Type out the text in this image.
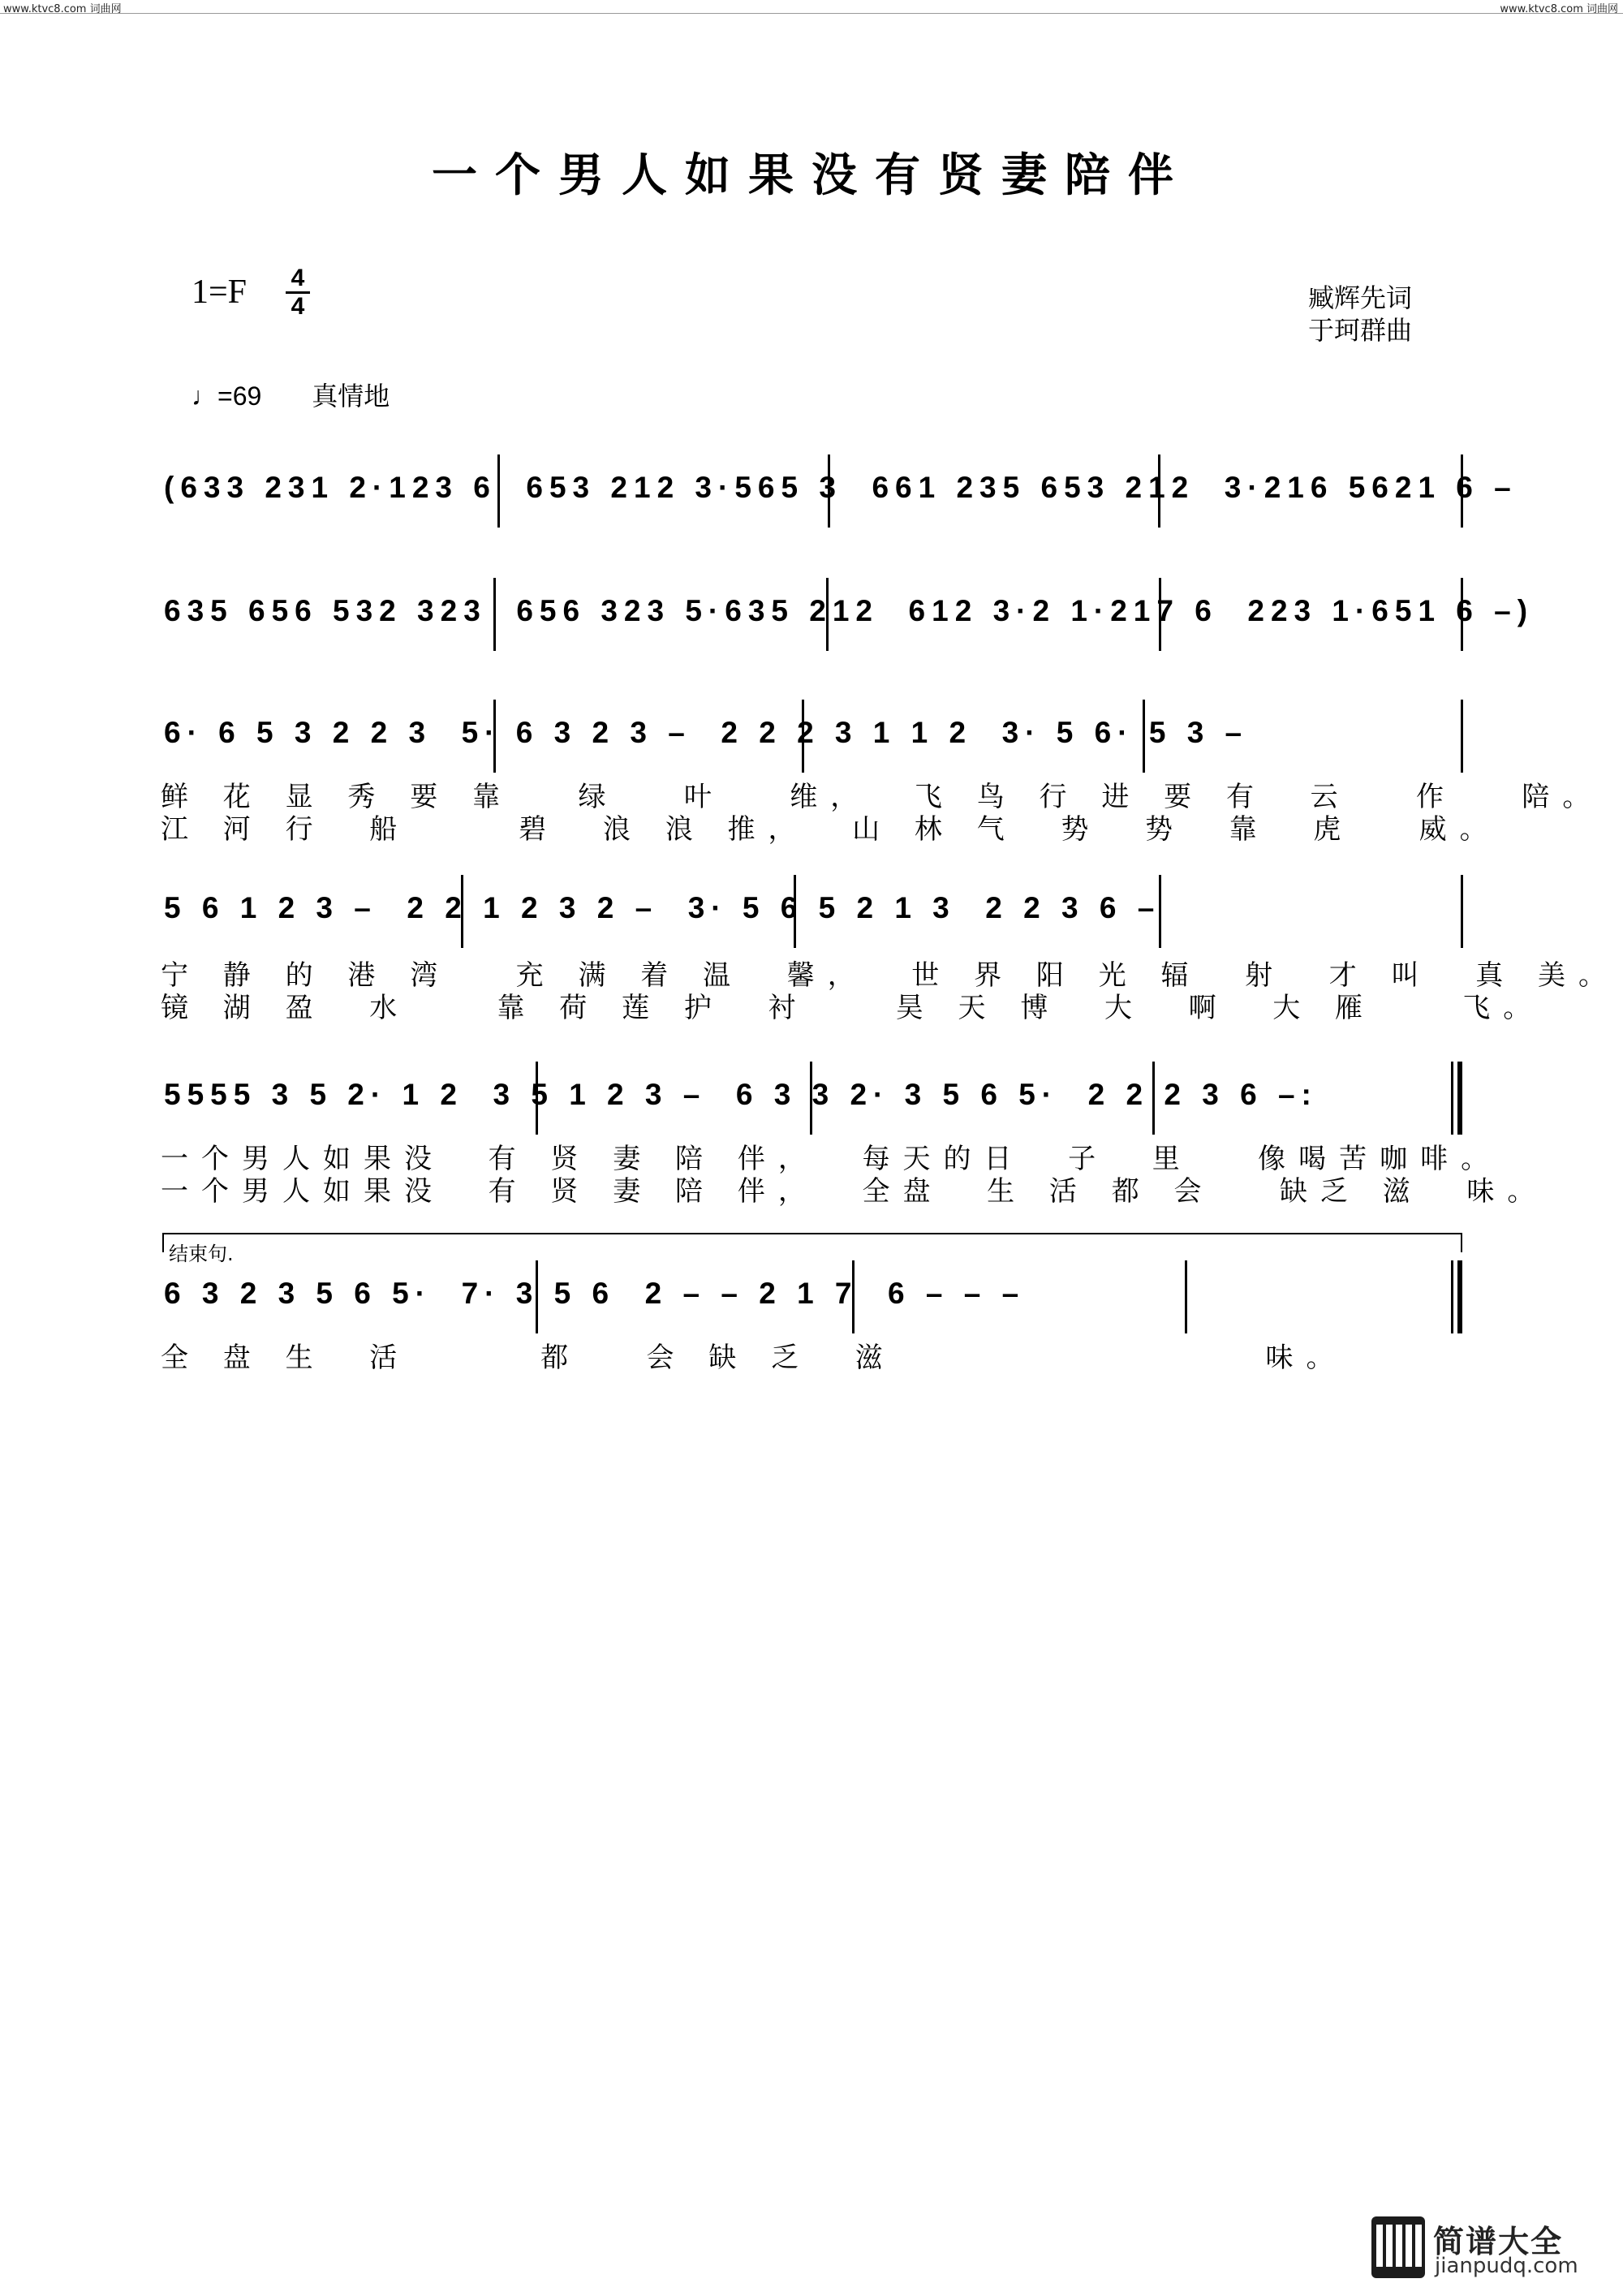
www.ktvc8.com 词曲网	www.ktvc8.com 词曲网
一个男人如果没有贤妻陪伴
1=F 4
4	臧辉先词
于珂群曲
♩=69 真情地

(633 231 2·123 6  653 212 3·565 3  661 235 653 212  3·216 5621 6 –

635 656 532 323  656 323 5·635 212  612 3·2 1·217 6  223 1·651 6 –)

6· 6 5 3 2 2 3  5· 6 3 2 3 –  2 2 2 3 1 1 2  3· 5 6· 5 3 –

鲜 花 显 秀 要 靠   绿   叶   维，  飞 鸟 行 进 要 有  云   作   陪。
江 河 行  船     碧  浪 浪 推，  山 林 气  势  势  靠  虎   威。

5 6 1 2 3 –  2 2 1 2 3 2 –  3· 5 6 5 2 1 3  2 2 3 6 –

宁 静 的 港 湾   充 满 着 温  馨，  世 界 阳 光 辐  射  才 叫  真 美。
镜 湖 盈  水    靠 荷 莲 护  衬    昊 天 博  大  啊  大 雁    飞。

5555 3 5 2· 1 2  3 5 1 2 3 –  6 3 3 2· 3 5 6 5·  2 2 2 3 6 –:

一个男人如果没  有 贤 妻 陪 伴，  每天的日  子  里   像喝苦咖啡。
一个男人如果没  有 贤 妻 陪 伴，  全盘  生 活 都 会   缺乏 滋  味。
结束句.

6 3 2 3 5 6 5·  7· 3 5 6  2 – – 2 1 7  6 – – –

全 盘 生  活      都   会 缺 乏  滋                 味。
简谱大全
jianpudq.com
